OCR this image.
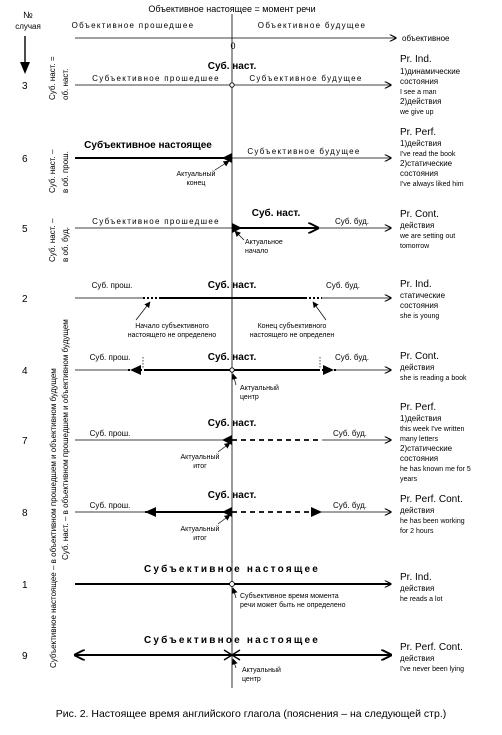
№
случая
Объективное настоящее = момент речи
Объективное прошедшее	Объективное будущее
объективное
0
Суб. наст. = об. наст.
Суб. наст. – в об. прош.
Суб. наст. – в об. буд.
Суб. наст. – в объективном прошедшем и объективном будущем
Субъективное настоящее – в объективном прошедшем и объективном будущем
3
Субъективное прошедшее
Суб. наст.
Субъективное будущее
Pr. Ind.
1)динамические
состояния
I see a man
2)действия
we give up
6
Субъективное настоящее
Субъективное будущее
Актуальный
конец
Pr. Perf.
1)действия
I've read the book
2)статические
состояния
I've always liked him
5
Субъективное прошедшее
Суб. наст.
Суб. буд.
Актуальное
начало
Pr. Cont.
действия
we are setting out
tomorrow
2
Суб. прош.	Суб. наст.	Суб. буд.
Начало субъективного
настоящего не определено
Конец субъективного
настоящего не определен
Pr. Ind.
статические
состояния
she is young
4
Суб. прош.	Суб. наст.	Суб. буд.
Актуальный
центр
Pr. Cont.
действия
she is reading a book
7
Суб. прош.
Суб. наст.
Суб. буд.
Актуальный
итог
Pr. Perf.
1)действия
this week I've written
many letters
2)статические
состояния
he has known me for 5
years
8
Суб. прош.
Суб. наст.
Суб. буд.
Актуальный
итог
Pr. Perf. Cont.
действия
he has been working
for 2 hours
1
Субъективное настоящее
Субъективное время момента
речи может быть не определено
Pr. Ind.
действия
he reads a lot
9
Субъективное настоящее
Актуальный
центр
Pr. Perf. Cont.
действия
I've never been lying
Рис. 2. Настоящее время английского глагола (пояснения – на следующей стр.)
